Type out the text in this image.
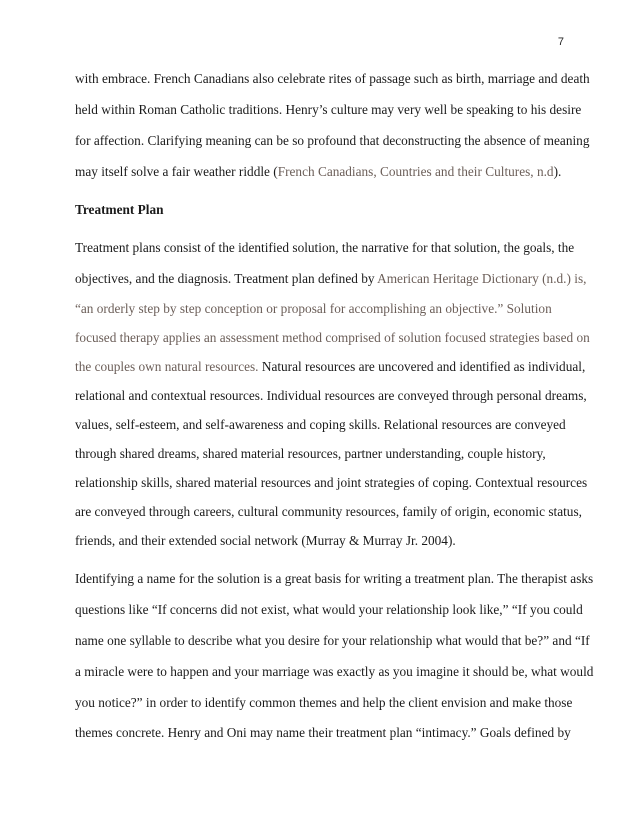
7
with embrace. French Canadians also celebrate rites of passage such as birth, marriage and death
held within Roman Catholic traditions. Henry’s culture may very well be speaking to his desire
for affection. Clarifying meaning can be so profound that deconstructing the absence of meaning
may itself solve a fair weather riddle (French Canadians, Countries and their Cultures, n.d).
Treatment Plan
Treatment plans consist of the identified solution, the narrative for that solution, the goals, the
objectives, and the diagnosis. Treatment plan defined by American Heritage Dictionary (n.d.) is,
“an orderly step by step conception or proposal for accomplishing an objective.” Solution
focused therapy applies an assessment method comprised of solution focused strategies based on
the couples own natural resources. Natural resources are uncovered and identified as individual,
relational and contextual resources. Individual resources are conveyed through personal dreams,
values, self-esteem, and self-awareness and coping skills. Relational resources are conveyed
through shared dreams, shared material resources, partner understanding, couple history,
relationship skills, shared material resources and joint strategies of coping. Contextual resources
are conveyed through careers, cultural community resources, family of origin, economic status,
friends, and their extended social network (Murray & Murray Jr. 2004).
Identifying a name for the solution is a great basis for writing a treatment plan. The therapist asks
questions like “If concerns did not exist, what would your relationship look like,” “If you could
name one syllable to describe what you desire for your relationship what would that be?” and “If
a miracle were to happen and your marriage was exactly as you imagine it should be, what would
you notice?” in order to identify common themes and help the client envision and make those
themes concrete. Henry and Oni may name their treatment plan “intimacy.” Goals defined by
